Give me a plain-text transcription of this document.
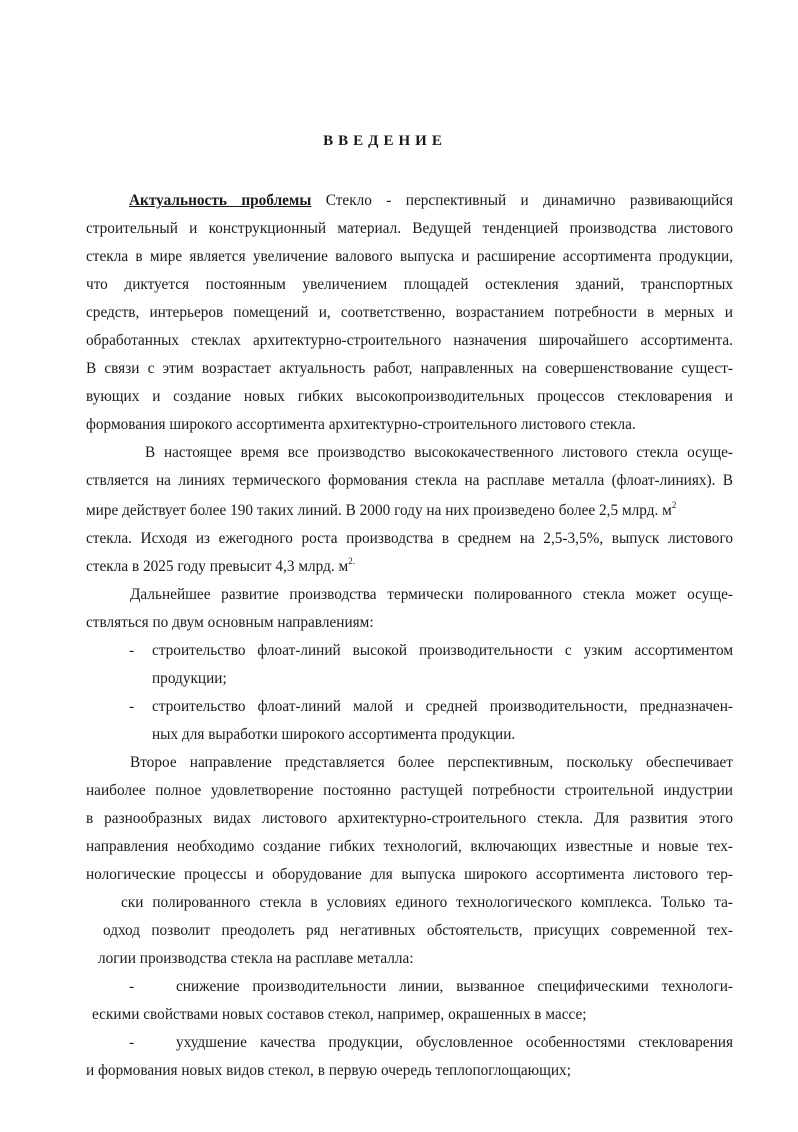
ВВЕДЕНИЕ
Актуальность проблемы Стекло - перспективный и динамично развивающийся
строительный и конструкционный материал. Ведущей тенденцией производства листового
стекла в мире является увеличение валового выпуска и расширение ассортимента продукции,
что диктуется постоянным увеличением площадей остекления зданий, транспортных
средств, интерьеров помещений и, соответственно, возрастанием потребности в мерных и
обработанных стеклах архитектурно-строительного назначения широчайшего ассортимента.
В связи с этим возрастает актуальность работ, направленных на совершенствование сущест-
вующих и создание новых гибких высокопроизводительных процессов стекловарения и
формования широкого ассортимента архитектурно-строительного листового стекла.
В настоящее время все производство высококачественного листового стекла осуще-
ствляется на линиях термического формования стекла на расплаве металла (флоат-линиях). В
мире действует более 190 таких линий. В 2000 году на них произведено более 2,5 млрд. $м^2$
стекла. Исходя из ежегодного роста производства в среднем на 2,5-3,5%, выпуск листового
стекла в 2025 году превысит 4,3 млрд. $м^{2.}$
Дальнейшее развитие производства термически полированного стекла может осуще-
ствляться по двум основным направлениям:
- строительство флоат-линий высокой производительности с узким ассортиментом
продукции;
- строительство флоат-линий малой и средней производительности, предназначен-
ных для выработки широкого ассортимента продукции.
Второе направление представляется более перспективным, поскольку обеспечивает
наиболее полное удовлетворение постоянно растущей потребности строительной индустрии
в разнообразных видах листового архитектурно-строительного стекла. Для развития этого
направления необходимо создание гибких технологий, включающих известные и новые тех-
нологические процессы и оборудование для выпуска широкого ассортимента листового тер-
ски полированного стекла в условиях единого технологического комплекса. Только та-
одход позволит преодолеть ряд негативных обстоятельств, присущих современной тех-
логии производства стекла на расплаве металла:
-	снижение производительности линии, вызванное специфическими технологи-
ескими свойствами новых составов стекол, например, окрашенных в массе;
-	ухудшение качества продукции, обусловленное особенностями стекловарения
и формования новых видов стекол, в первую очередь теплопоглощающих;
